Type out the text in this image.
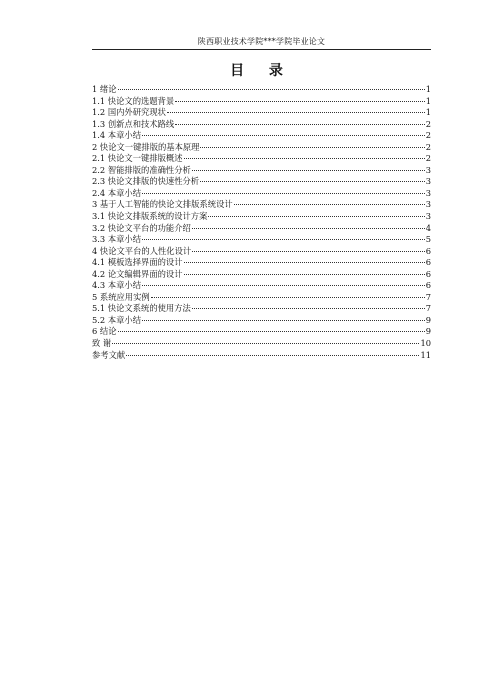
陕西职业技术学院***学院毕业论文
目 录
1 绪论	1
1.1 快论文的选题背景	1
1.2 国内外研究现状	1
1.3 创新点和技术路线	2
1.4 本章小结	2
2 快论文一键排版的基本原理	2
2.1 快论文一键排版概述	2
2.2 智能排版的准确性分析	3
2.3 快论文排版的快速性分析	3
2.4 本章小结	3
3 基于人工智能的快论文排版系统设计	3
3.1 快论文排版系统的设计方案	3
3.2 快论文平台的功能介绍	4
3.3 本章小结	5
4 快论文平台的人性化设计	6
4.1 模板选择界面的设计	6
4.2 论文编辑界面的设计	6
4.3 本章小结	6
5 系统应用实例	7
5.1 快论文系统的使用方法	7
5.2 本章小结	9
6 结论	9
致 谢	10
参考文献	11
